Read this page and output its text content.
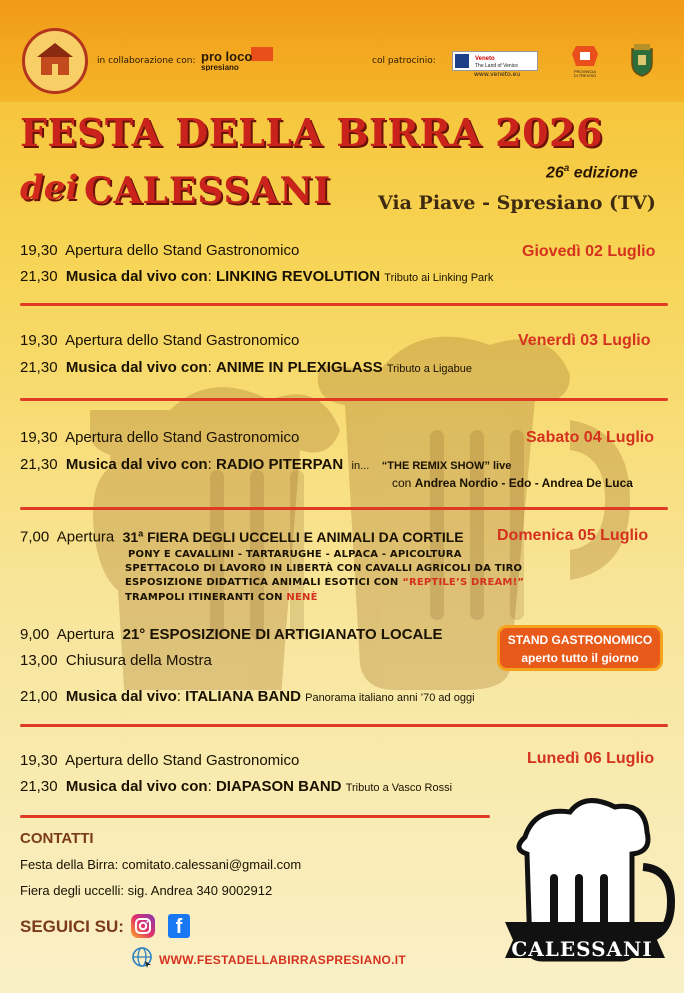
in collaborazione con: pro loco
spresiano
col patrocinio:	Veneto
The Land of Venice
www.veneto.eu	PROVINCIA
DI TREVISO
FESTA DELLA BIRRA 2026
dei CALESSANI	26$^a$ edizione
Via Piave - Spresiano (TV)
Giovedì 02 Luglio
19,30 Apertura dello Stand Gastronomico
21,30 Musica dal vivo con: LINKING REVOLUTION Tributo ai Linking Park
Venerdì 03 Luglio
19,30 Apertura dello Stand Gastronomico
21,30 Musica dal vivo con: ANIME IN PLEXIGLASS Tributo a Ligabue
Sabato 04 Luglio
19,30 Apertura dello Stand Gastronomico
21,30 Musica dal vivo con: RADIO PITERPAN in... “THE REMIX SHOW” live
con Andrea Nordio - Edo - Andrea De Luca
Domenica 05 Luglio
7,00 Apertura 31$^a$ FIERA DEGLI UCCELLI E ANIMALI DA CORTILE
PONY E CAVALLINI - TARTARUGHE - ALPACA - APICOLTURA
SPETTACOLO DI LAVORO IN LIBERTÀ CON CAVALLI AGRICOLI DA TIRO
ESPOSIZIONE DIDATTICA ANIMALI ESOTICI CON “REPTILE’S DREAM!”
TRAMPOLI ITINERANTI CON NENÈ
9,00 Apertura 21° ESPOSIZIONE DI ARTIGIANATO LOCALE
13,00 Chiusura della Mostra
21,00 Musica dal vivo: ITALIANA BAND Panorama italiano anni ’70 ad oggi
STAND GASTRONOMICO
aperto tutto il giorno
Lunedì 06 Luglio
19,30 Apertura dello Stand Gastronomico
21,30 Musica dal vivo con: DIAPASON BAND Tributo a Vasco Rossi
CONTATTI
Festa della Birra: comitato.calessani@gmail.com
Fiera degli uccelli: sig. Andrea 340 9002912
SEGUICI SU:	f
WWW.FESTADELLABIRRASPRESIANO.IT	CALESSANI
